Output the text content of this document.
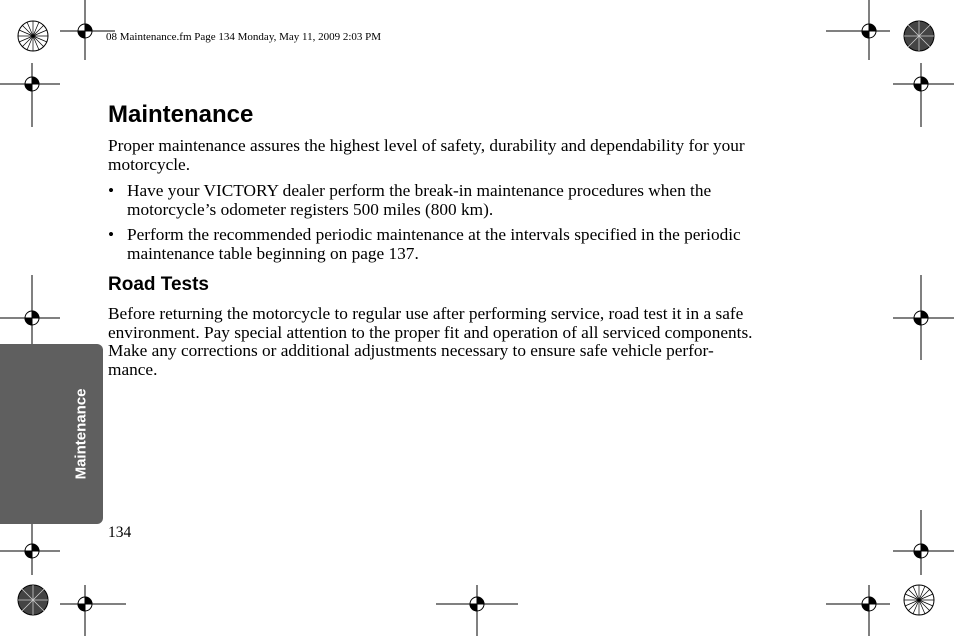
08 Maintenance.fm Page 134 Monday, May 11, 2009 2:03 PM
Maintenance
Proper maintenance assures the highest level of safety, durability and dependability for your
motorcycle.
• Have your VICTORY dealer perform the break-in maintenance procedures when the
motorcycle’s odometer registers 500 miles (800 km).
• Perform the recommended periodic maintenance at the intervals specified in the periodic
maintenance table beginning on page 137.
Road Tests
Before returning the motorcycle to regular use after performing service, road test it in a safe
environment. Pay special attention to the proper fit and operation of all serviced components.
Make any corrections or additional adjustments necessary to ensure safe vehicle perfor-
mance.
Maintenance
134
